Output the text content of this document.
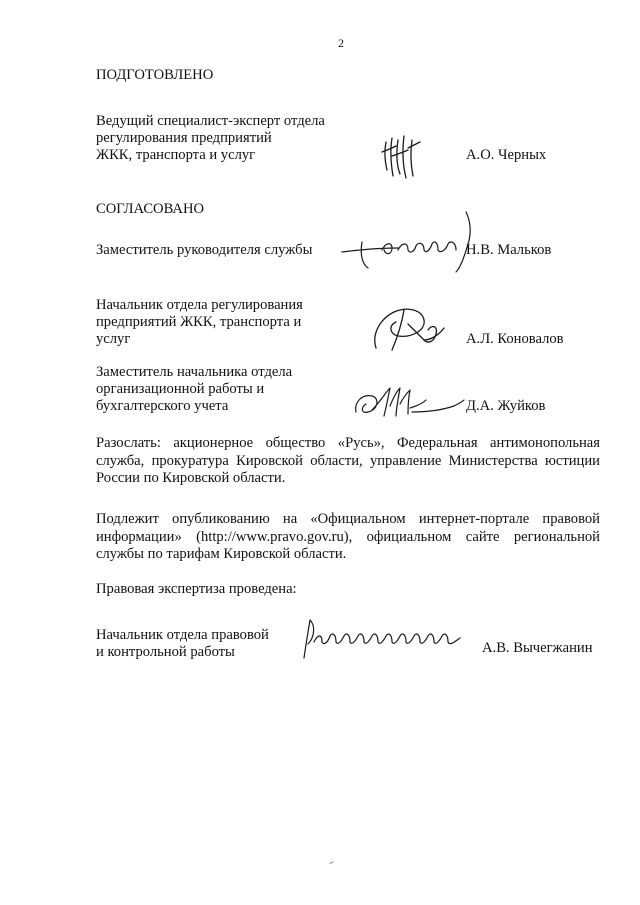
2
ПОДГОТОВЛЕНО
Ведущий специалист-эксперт отдела
регулирования предприятий
ЖКК, транспорта и услуг	А.О. Черных
СОГЛАСОВАНО
Заместитель руководителя службы	Н.В. Мальков
Начальник отдела регулирования
предприятий ЖКК, транспорта и
услуг	А.Л. Коновалов
Заместитель начальника отдела
организационной работы и
бухгалтерского учета	Д.А. Жуйков
Разослать: акционерное общество «Русь», Федеральная антимонопольная служба, прокуратура Кировской области, управление Министерства юстиции России по Кировской области.
Подлежит опубликованию на «Официальном интернет-портале правовой информации» (http://www.pravo.gov.ru), официальном сайте региональной службы по тарифам Кировской области.
Правовая экспертиза проведена:
Начальник отдела правовой
и контрольной работы	А.В. Вычегжанин
